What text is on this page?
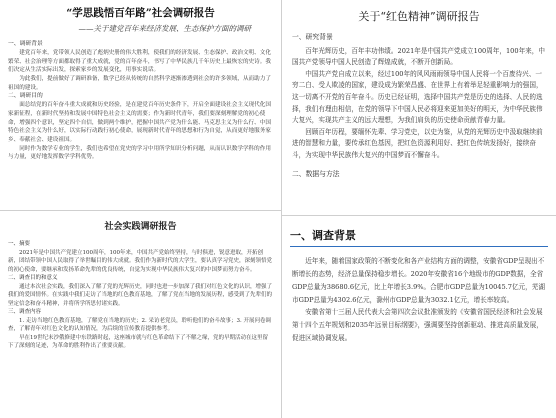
“学思践悟百年路”社会调研报告
——关于建党百年来经济发展、生态保护方面的调研
一、调研背景

建党百年来，党带领人民创造了彪炳史册的伟大胜利，使我们的经济发展、生态保护、政治文明、文化繁荣、社会治理等方面都取得了重大成就，党的百年奋斗，书写了中华民族几千年历史上最恢宏的史诗。我们决定从生活实际出发，探索家乡的发展变化，用事实说话。

为此我们，提前做好了调研准备，数学已经从传统的自然科学逐渐渗透到社会的许多领域，从而助力了祖国的建设。

二、调研目的

面总结党的百年奋斗重大成就和历史经验，是在建党百年历史条件下，开启全面建设社会主义现代化国家新征程，在新时代坚持和发展中国特色社会主义的需要；作为新时代青年，我们要深刻理解党的初心使命，增强四个意识，坚定四个自信，做到两个维护，把握中国共产党为什么能、马克思主义为什么行、中国特色社会主义为什么好，以实际行动践行初心使命，展现新时代青年的思想和行为自觉，从而更好地服务家乡、奉献社会、建设祖国。

同时作为数学专业的学生，我们也希望在党史的学习中用所学知识分析问题，从而认识数学学科的作用与力量，更好地发挥数学学科优势。

关于“红色精神”调研报告
一、研究背景

百年光辉历史，百年丰功伟绩。2021年是中国共产党成立100周年，100年来，中国共产党领导中国人民创造了辉煌成就，不断开创新局。

中国共产党自成立以来，经过100年的风风雨雨领导中国人民将一个百废待兴、一穷二白、受人欺凌的国家，建设成为繁荣昌盛、在世界上有着举足轻重影响力的强国，这一切离不开党的百年奋斗。历史已经证明，选择中国共产党是历史的选择、人民的选择，我们有理由相信，在党的领导下中国人民必将迎来更加美好的明天，为中华民族伟大复兴，实现共产主义的远大理想，为我们肩负的历史使命贡献青春力量。

回顾百年历程，要缅怀先辈、学习党史，以史为鉴，从党的光辉历史中汲取继续前进的智慧和力量，要传承红色基因，把红色资源利用好、把红色传统发扬好，接续奋斗，为实现中华民族伟大复兴的中国梦而不懈奋斗。

二、数据与方法
社会实践调研报告
一、摘要

2021年是中国共产党建立100周年，100年来，中国共产党始终坚持，与时俱进，锐意进取，开拓创新，团结带领中国人民取得了举世瞩目的伟大成就。我们作为新时代的大学生，要认真学习党史，深刻领悟党的初心使命，要继承和发扬革命先辈的优良传统，自觉为实现中华民族伟大复兴的中国梦而努力奋斗。

二、调查目的和意义

通过本次社会实践，我们深入了解了党的光辉历史，同时也进一步加深了我们对红色文化的认识，增强了我们的爱国情怀。在实践中我们走访了当地的红色教育基地，了解了党在当地的发展历程，感受到了先辈们的坚定信念和奋斗精神，并将所学所思付诸实践。

三、调查内容

1. 走访当地红色教育基地，了解党在当地的历史；2. 采访老党员，聆听他们的奋斗故事；3. 开展问卷调查，了解青年对红色文化的认知情况，为后续的宣传教育提供参考。

早在19世纪末沙俄修建中东铁路时起，这座城市就与红色革命结下了不解之缘，党的早期活动在这里留下了深刻的足迹，为革命的胜利作出了重要贡献。

一、调查背景

近年来，随着国家政策的不断变化和各产业结构方面的调整，安徽省GDP呈现出不断增长的态势，经济总量保持稳步增长。2020年安徽省16个地级市的GDP数据，全省GDP总量为38680.6亿元，比上年增长3.9%。合肥市GDP总量为10045.7亿元，芜湖市GDP总量为4302.6亿元，滁州市GDP总量为3032.1亿元，增长率较高。

安徽省第十三届人民代表大会第四次会议批准颁发的《安徽省国民经济和社会发展第十四个五年规划和2035年远景目标纲要》，强调要坚持创新驱动、推进高质量发展，促进区域协调发展。
